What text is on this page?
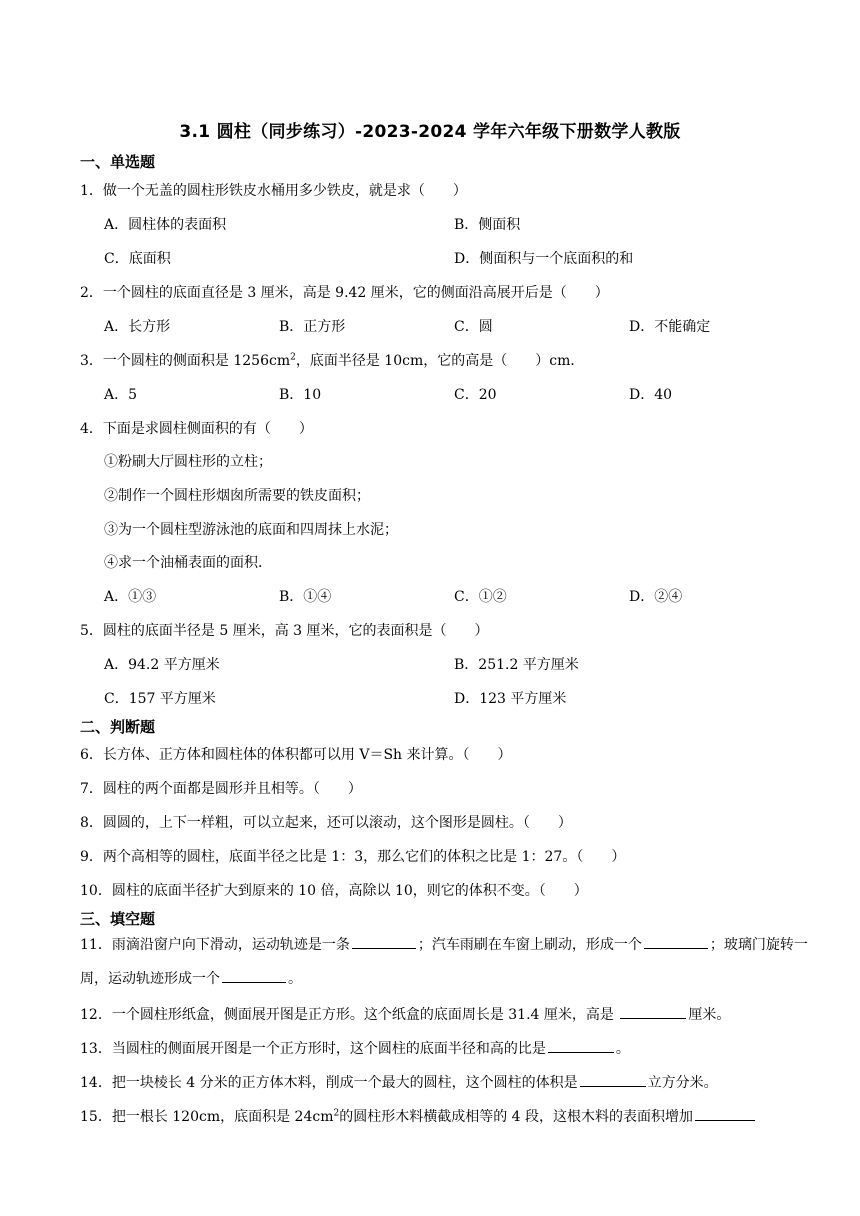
3.1 圆柱（同步练习）-2023-2024 学年六年级下册数学人教版
一、单选题
1．做一个无盖的圆柱形铁皮水桶用多少铁皮，就是求（　　）
A．圆柱体的表面积	B．侧面积
C．底面积	D．侧面积与一个底面积的和
2．一个圆柱的底面直径是 3 厘米，高是 9.42 厘米，它的侧面沿高展开后是（　　）
A．长方形	B．正方形	C．圆	D．不能确定
3．一个圆柱的侧面积是 $1256cm^2$，底面半径是 10cm，它的高是（　　）cm．
A．5	B．10	C．20	D．40
4．下面是求圆柱侧面积的有（　　）
①粉刷大厅圆柱形的立柱；
②制作一个圆柱形烟囱所需要的铁皮面积；
③为一个圆柱型游泳池的底面和四周抹上水泥；
④求一个油桶表面的面积．
A．①③	B．①④	C．①②	D．②④
5．圆柱的底面半径是 5 厘米，高 3 厘米，它的表面积是（　　）
A．94.2 平方厘米	B．251.2 平方厘米
C．157 平方厘米	D．123 平方厘米
二、判断题
6．长方体、正方体和圆柱体的体积都可以用 V＝Sh 来计算。（　　）
7．圆柱的两个面都是圆形并且相等。（　　）
8．圆圆的，上下一样粗，可以立起来，还可以滚动，这个图形是圆柱。（　　）
9．两个高相等的圆柱，底面半径之比是 1：3，那么它们的体积之比是 1：27。（　　）
10．圆柱的底面半径扩大到原来的 10 倍，高除以 10，则它的体积不变。（　　）
三、填空题
11．雨滴沿窗户向下滑动，运动轨迹是一条	；汽车雨刷在车窗上刷动，形成一个	；玻璃门旋转一周，运动轨迹形成一个	。
12．一个圆柱形纸盒，侧面展开图是正方形。这个纸盒的底面周长是 31.4 厘米，高是	厘米。
13．当圆柱的侧面展开图是一个正方形时，这个圆柱的底面半径和高的比是	。
14．把一块棱长 4 分米的正方体木料，削成一个最大的圆柱，这个圆柱的体积是	立方分米。
15．把一根长 120cm，底面积是 $24cm^2$的圆柱形木料横截成相等的 4 段，这根木料的表面积增加
